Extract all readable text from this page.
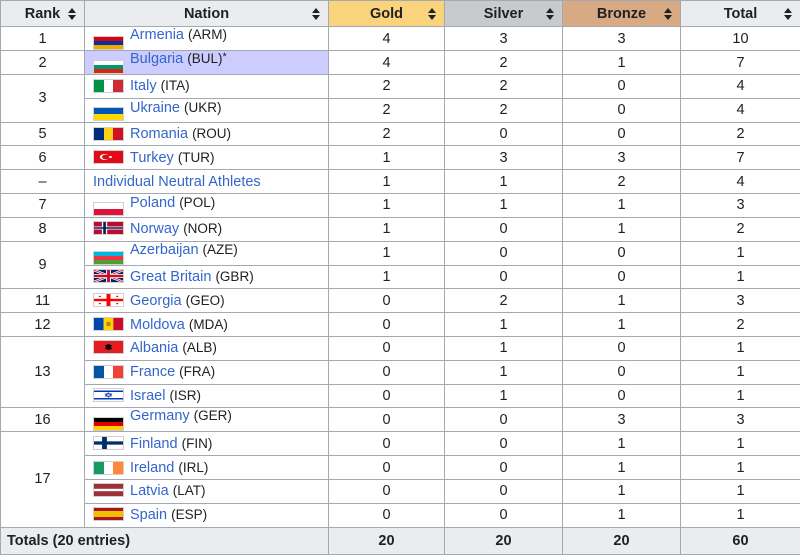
Rank	Nation	Gold	Silver	Bronze	Total

1	Armenia (ARM)	4	3	3	10
2	Bulgaria (BUL)*	4	2	1	7
3	Italy (ITA)	2	2	0	4

Ukraine (UKR)	2	2	0	4
5	Romania (ROU)	2	0	0	2
6	Turkey (TUR)	1	3	3	7
–	Individual Neutral Athletes	1	1	2	4
7	Poland (POL)	1	1	1	3
8	Norway (NOR)	1	0	1	2
9	Azerbaijan (AZE)	1	0	0	1

Great Britain (GBR)	1	0	0	1
11	Georgia (GEO)	0	2	1	3
12	Moldova (MDA)	0	1	1	2
13	Albania (ALB)	0	1	0	1

France (FRA)	0	1	0	1

Israel (ISR)	0	1	0	1
16	Germany (GER)	0	0	3	3
17	Finland (FIN)	0	0	1	1

Ireland (IRL)	0	0	1	1

Latvia (LAT)	0	0	1	1

Spain (ESP)	0	0	1	1
Totals (20 entries)		20	20	20	60
